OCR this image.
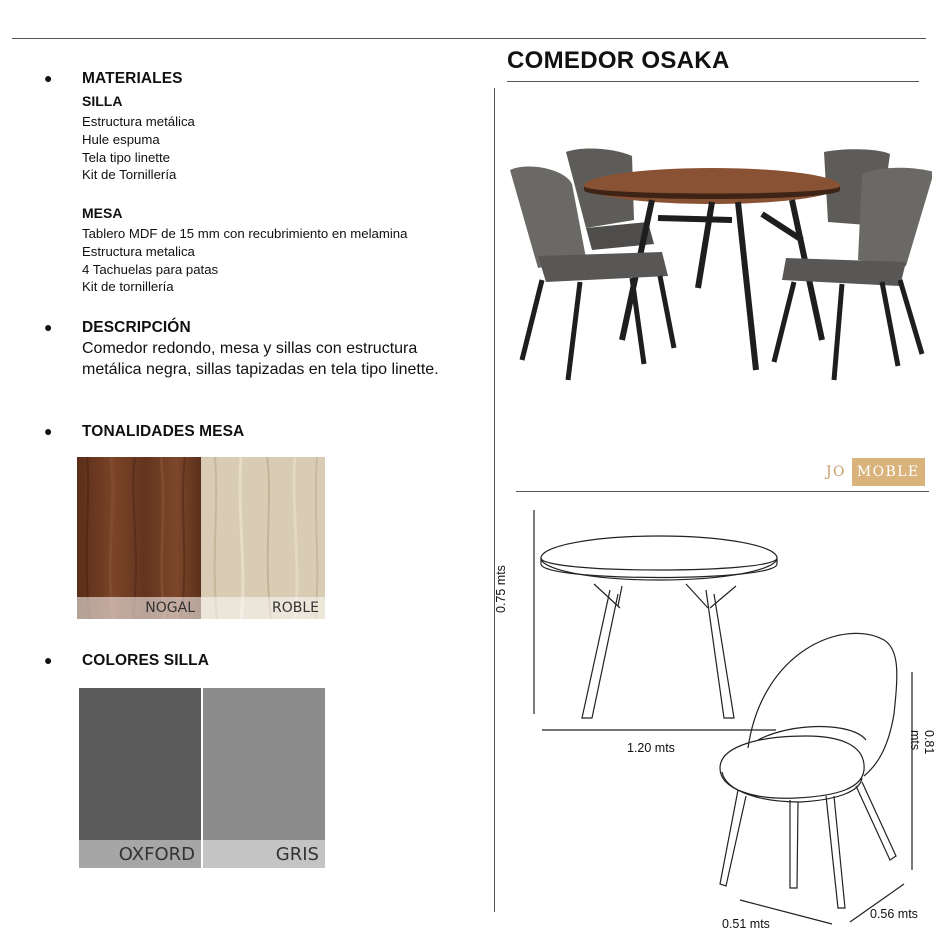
● MATERIALES
SILLA
Estructura metálica
Hule espuma
Tela tipo linette
Kit de Tornillería
MESA
Tablero MDF de 15 mm con recubrimiento en melamina
Estructura metalica
4 Tachuelas para patas
Kit de tornillería
● DESCRIPCIÓN
Comedor redondo, mesa y sillas con estructura metálica negra, sillas tapizadas en tela tipo linette.
● TONALIDADES MESA
NOGAL	ROBLE
● COLORES SILLA
OXFORD	GRIS
COMEDOR OSAKA
JO MOBLE
0.75 mts
1.20 mts	0.81 mts
0.51 mts
0.56 mts
